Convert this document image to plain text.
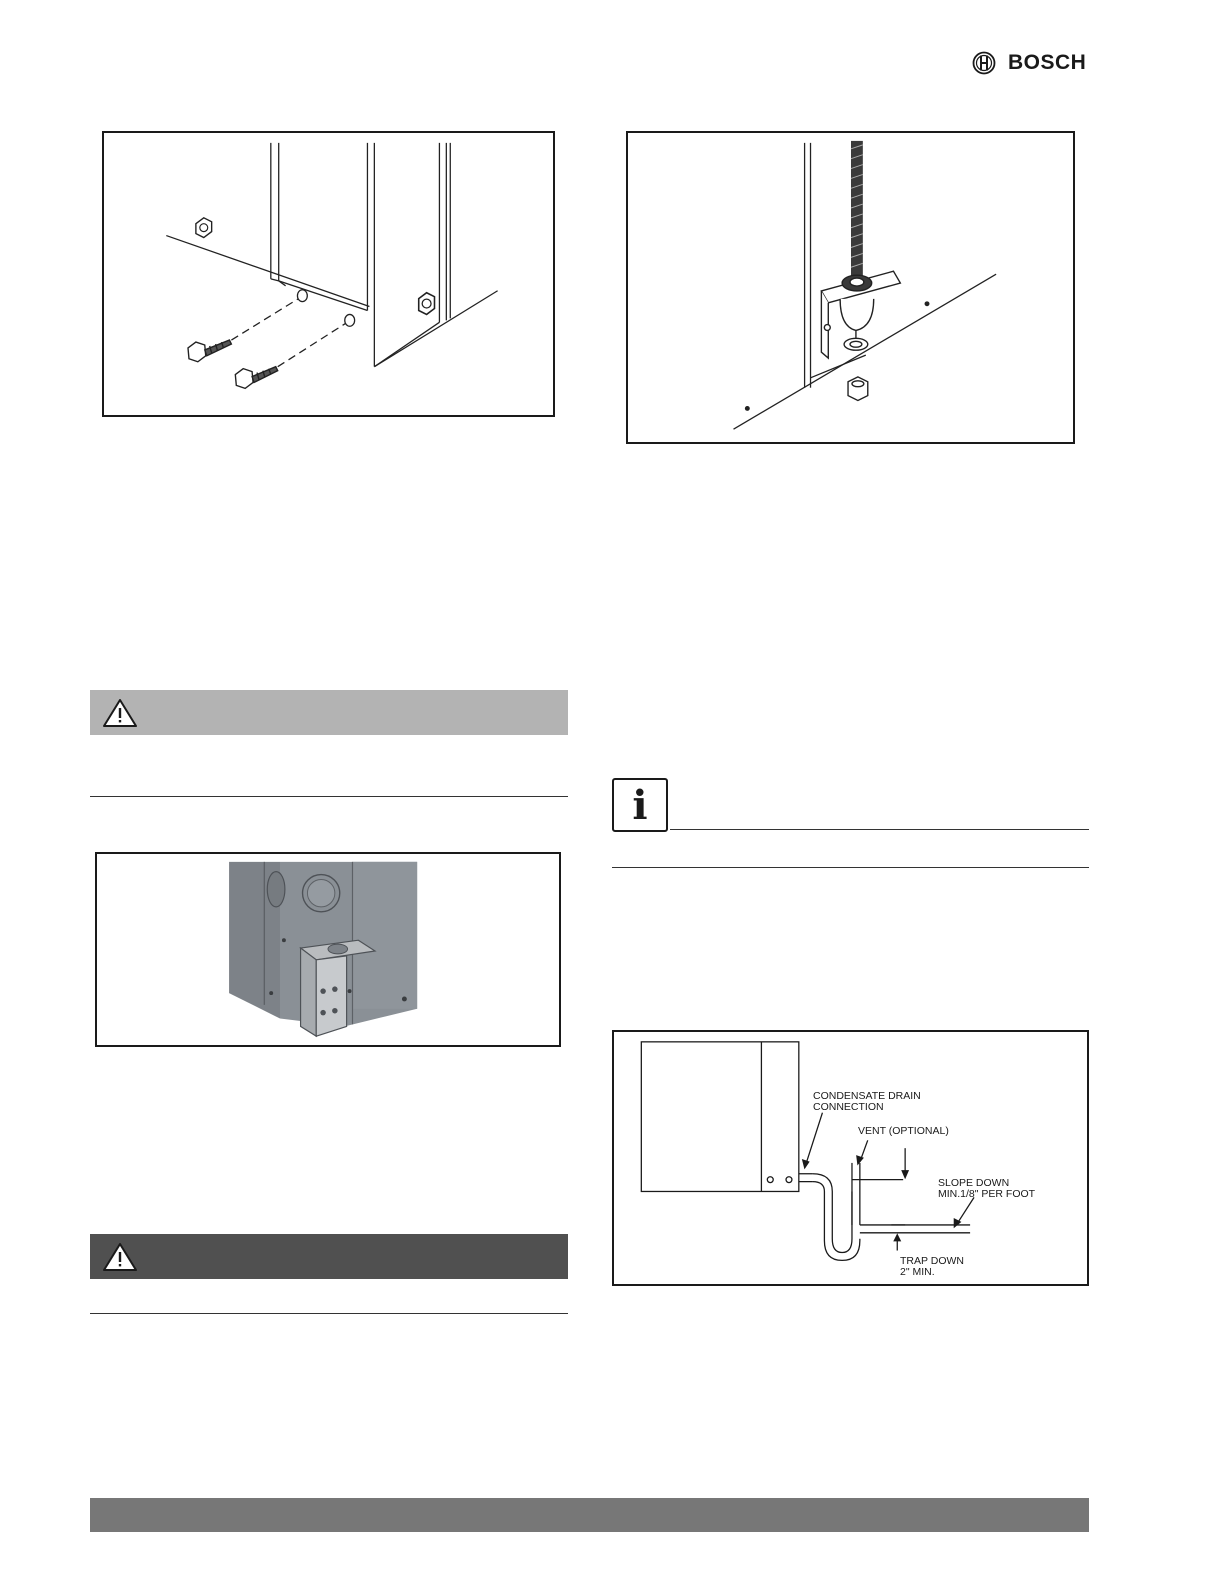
BOSCH
i
CONDENSATE DRAIN
CONNECTION
VENT (OPTIONAL)
SLOPE DOWN
MIN.1/8" PER FOOT
TRAP DOWN
2" MIN.
